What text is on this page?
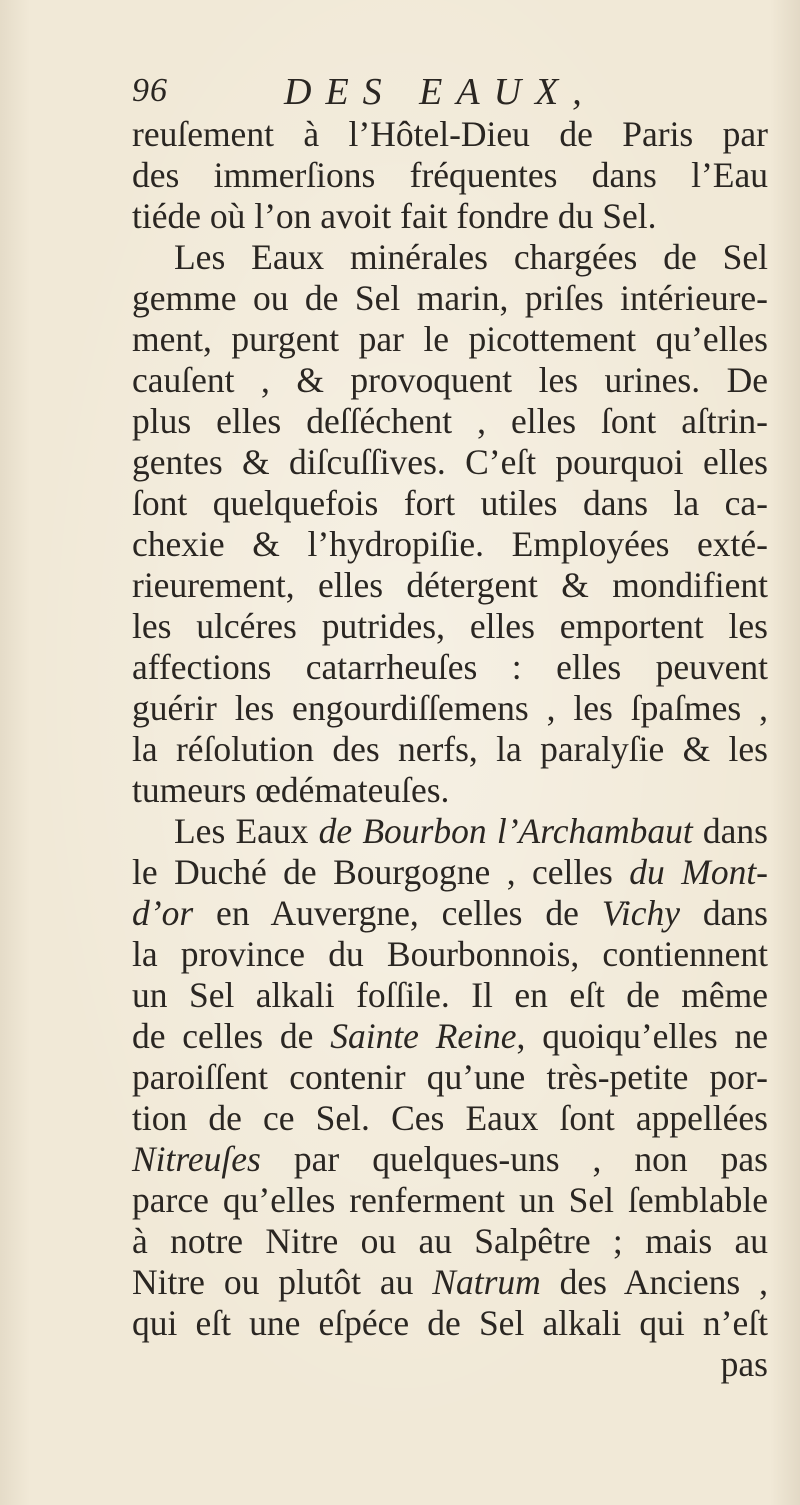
96	DES EAUX,
reuſement à l’Hôtel-Dieu de Paris par
des immerſions fréquentes dans l’Eau
tiéde où l’on avoit fait fondre du Sel.
Les Eaux minérales chargées de Sel
gemme ou de Sel marin, priſes intérieure-
ment, purgent par le picottement qu’elles
cauſent , & provoquent les urines. De
plus elles deſſéchent , elles ſont aſtrin-
gentes & diſcuſſives. C’eſt pourquoi elles
ſont quelquefois fort utiles dans la ca-
chexie & l’hydropiſie. Employées exté-
rieurement, elles détergent & mondifient
les ulcéres putrides, elles emportent les
affections catarrheuſes : elles peuvent
guérir les engourdiſſemens , les ſpaſmes ,
la réſolution des nerfs, la paralyſie & les
tumeurs œdémateuſes.
Les Eaux de Bourbon l’Archambaut dans
le Duché de Bourgogne , celles du Mont-
d’or en Auvergne, celles de Vichy dans
la province du Bourbonnois, contiennent
un Sel alkali foſſile. Il en eſt de même
de celles de Sainte Reine, quoiqu’elles ne
paroiſſent contenir qu’une très-petite por-
tion de ce Sel. Ces Eaux ſont appellées
Nitreuſes par quelques-uns , non pas
parce qu’elles renferment un Sel ſemblable
à notre Nitre ou au Salpêtre ; mais au
Nitre ou plutôt au Natrum des Anciens ,
qui eſt une eſpéce de Sel alkali qui n’eſt
pas
